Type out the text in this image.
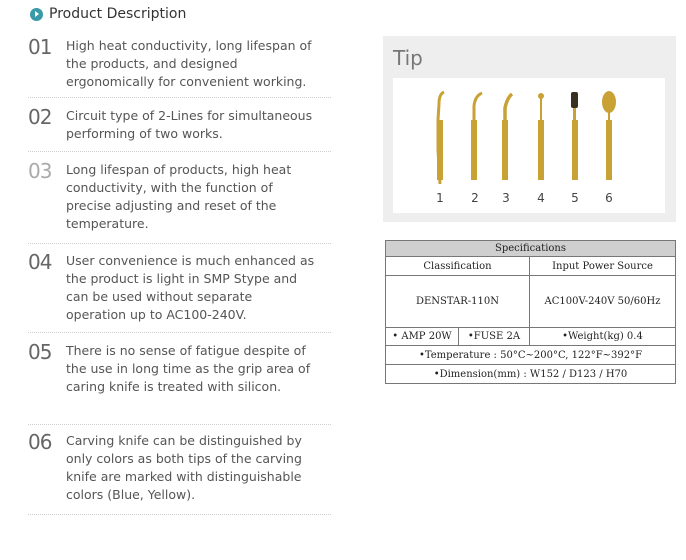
Product Description
01 High heat conductivity, long lifespan of the products, and designed ergonomically for convenient working.
02 Circuit type of 2-Lines for simultaneous performing of two works.
03 Long lifespan of products, high heat conductivity, with the function of precise adjusting and reset of the temperature.
04 User convenience is much enhanced as the product is light in SMP Stype and can be used without separate operation up to AC100-240V.
05 There is no sense of fatigue despite of the use in long time as the grip area of caring knife is treated with silicon.
06 Carving knife can be distinguished by only colors as both tips of the carving knife are marked with distinguishable colors (Blue, Yellow).
Tip
1	2	3	4	5	6
Specifications		
Classification		Input Power Source
DENSTAR-110N		AC100V-240V 50/60Hz
• AMP 20W	•FUSE 2A	•Weight(kg) 0.4
•Temperature : 50°C~200°C, 122°F~392°F		
•Dimension(mm) : W152 / D123 / H70		
